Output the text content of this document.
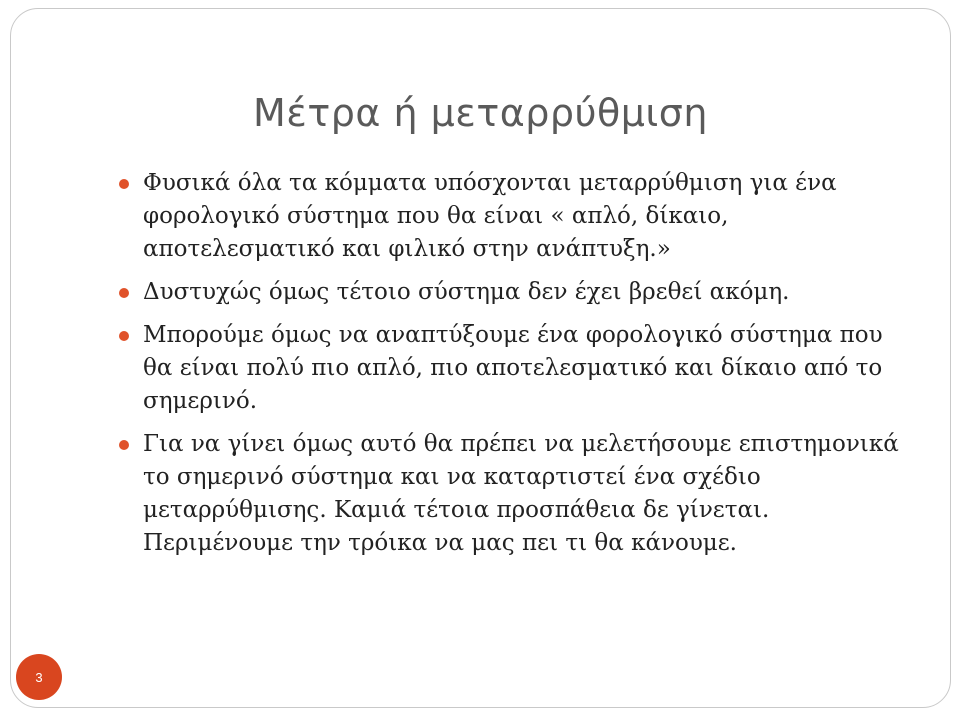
Μέτρα ή μεταρρύθμιση
Φυσικά όλα τα κόμματα υπόσχονται μεταρρύθμιση για ένα φορολογικό σύστημα που θα είναι « απλό, δίκαιο, αποτελεσματικό και φιλικό στην ανάπτυξη.»
Δυστυχώς όμως τέτοιο σύστημα δεν έχει βρεθεί ακόμη.
Μπορούμε όμως να αναπτύξουμε ένα φορολογικό σύστημα που θα είναι πολύ πιο απλό, πιο αποτελεσματικό και δίκαιο από το σημερινό.
Για να γίνει όμως αυτό θα πρέπει να μελετήσουμε επιστημονικά το σημερινό σύστημα και να καταρτιστεί ένα σχέδιο μεταρρύθμισης. Καμιά τέτοια προσπάθεια δε γίνεται. Περιμένουμε την τρόικα να μας πει τι θα κάνουμε.
3
